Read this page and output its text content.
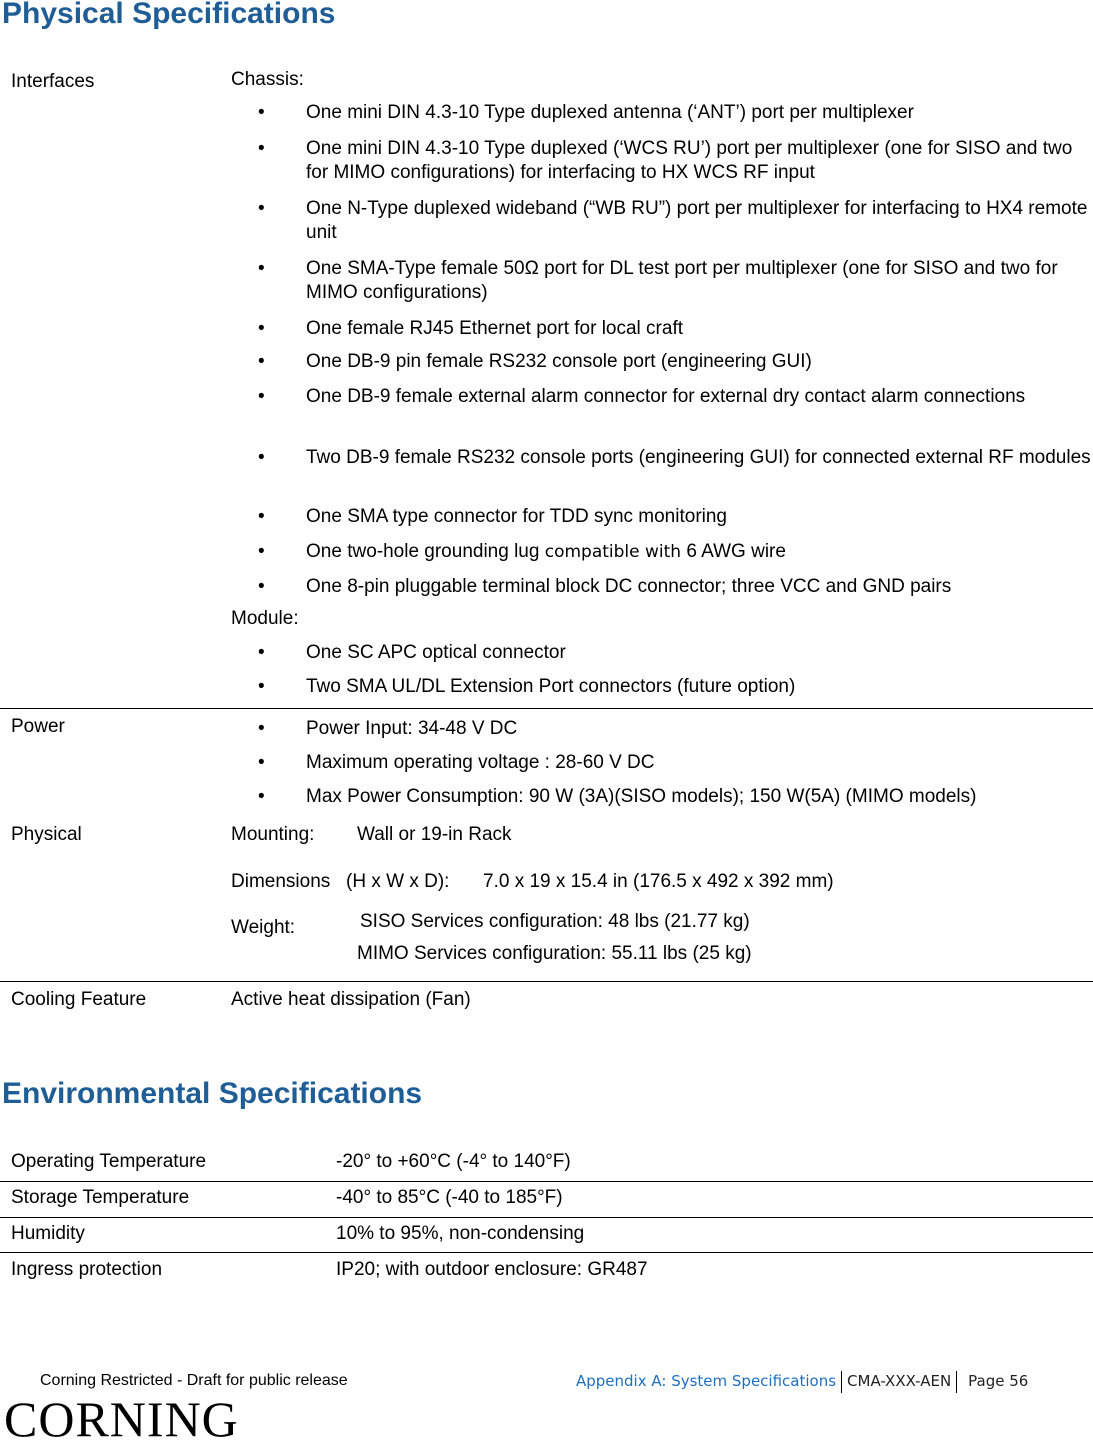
Physical Specifications
Interfaces	Chassis:
• One mini DIN 4.3-10 Type duplexed antenna (‘ANT’) port per multiplexer
• One mini DIN 4.3-10 Type duplexed (‘WCS RU’) port per multiplexer (one for SISO and two for MIMO configurations) for interfacing to HX WCS RF input
• One N-Type duplexed wideband (“WB RU”) port per multiplexer for interfacing to HX4 remote unit
• One SMA-Type female 50Ω port for DL test port per multiplexer (one for SISO and two for MIMO configurations)
• One female RJ45 Ethernet port for local craft
• One DB-9 pin female RS232 console port (engineering GUI)
• One DB-9 female external alarm connector for external dry contact alarm connections
• Two DB-9 female RS232 console ports (engineering GUI) for connected external RF modules
• One SMA type connector for TDD sync monitoring
• One two-hole grounding lug compatible with 6 AWG wire
• One 8-pin pluggable terminal block DC connector; three VCC and GND pairs
Module:
• One SC APC optical connector
• Two SMA UL/DL Extension Port connectors (future option)
Power	• Power Input: 34-48 V DC
• Maximum operating voltage : 28-60 V DC
• Max Power Consumption: 90 W (3A)(SISO models); 150 W(5A) (MIMO models)
Physical	Mounting: Wall or 19-in Rack
Dimensions (H x W x D): 7.0 x 19 x 15.4 in (176.5 x 492 x 392 mm)
Weight:	SISO Services configuration: 48 lbs (21.77 kg)
MIMO Services configuration: 55.11 lbs (25 kg)
Cooling Feature	Active heat dissipation (Fan)
Environmental Specifications
Operating Temperature	-20° to +60°C (-4° to 140°F)
Storage Temperature	-40° to 85°C (-40 to 185°F)
Humidity	10% to 95%, non-condensing
Ingress protection	IP20; with outdoor enclosure: GR487
Corning Restricted - Draft for public release	Appendix A: System Specifications CMA-XXX-AEN Page 56
CORNING
